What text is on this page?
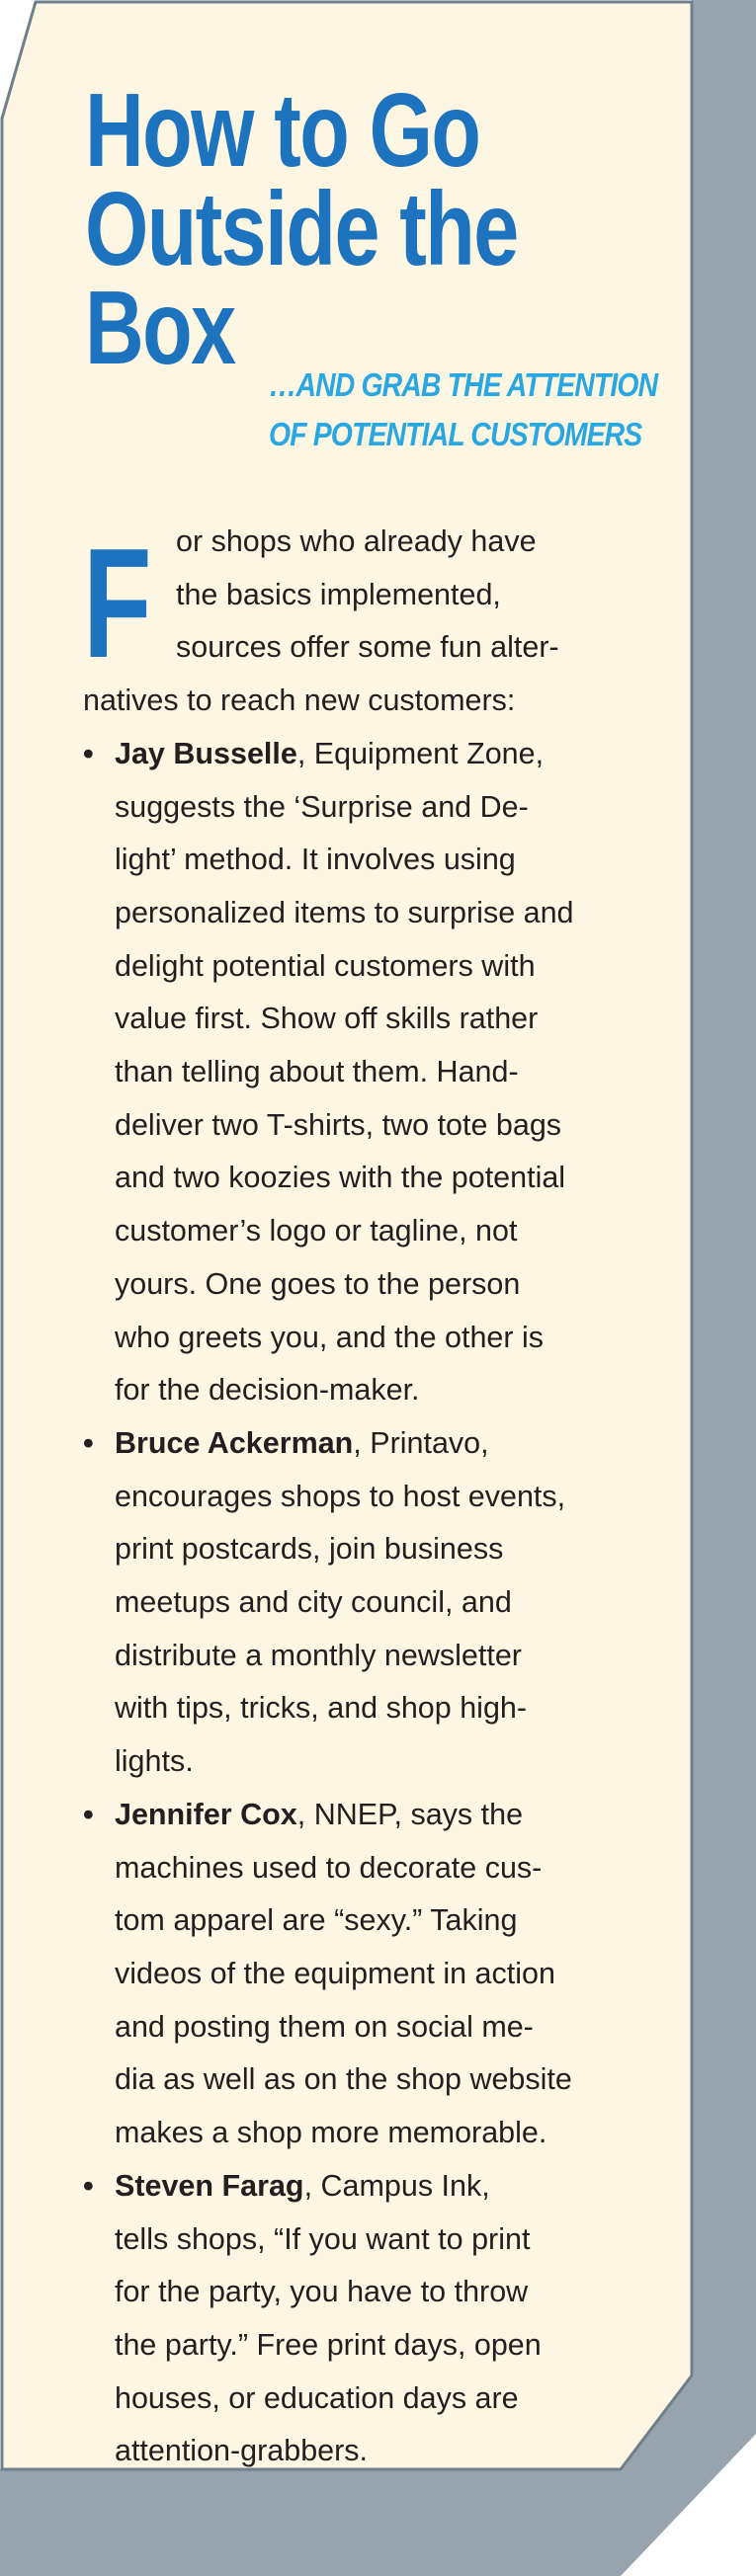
How to Go
Outside the
Box	…AND GRAB THE ATTENTION
OF POTENTIAL CUSTOMERS
F or shops who already have
the basics implemented,
sources offer some fun alter-
natives to reach new customers:
• Jay Busselle, Equipment Zone,
suggests the ‘Surprise and De-
light’ method. It involves using
personalized items to surprise and
delight potential customers with
value first. Show off skills rather
than telling about them. Hand-
deliver two T-shirts, two tote bags
and two koozies with the potential
customer’s logo or tagline, not
yours. One goes to the person
who greets you, and the other is
for the decision-maker.
• Bruce Ackerman, Printavo,
encourages shops to host events,
print postcards, join business
meetups and city council, and
distribute a monthly newsletter
with tips, tricks, and shop high-
lights.
• Jennifer Cox, NNEP, says the
machines used to decorate cus-
tom apparel are “sexy.” Taking
videos of the equipment in action
and posting them on social me-
dia as well as on the shop website
makes a shop more memorable.
• Steven Farag, Campus Ink,
tells shops, “If you want to print
for the party, you have to throw
the party.” Free print days, open
houses, or education days are
attention-grabbers.
